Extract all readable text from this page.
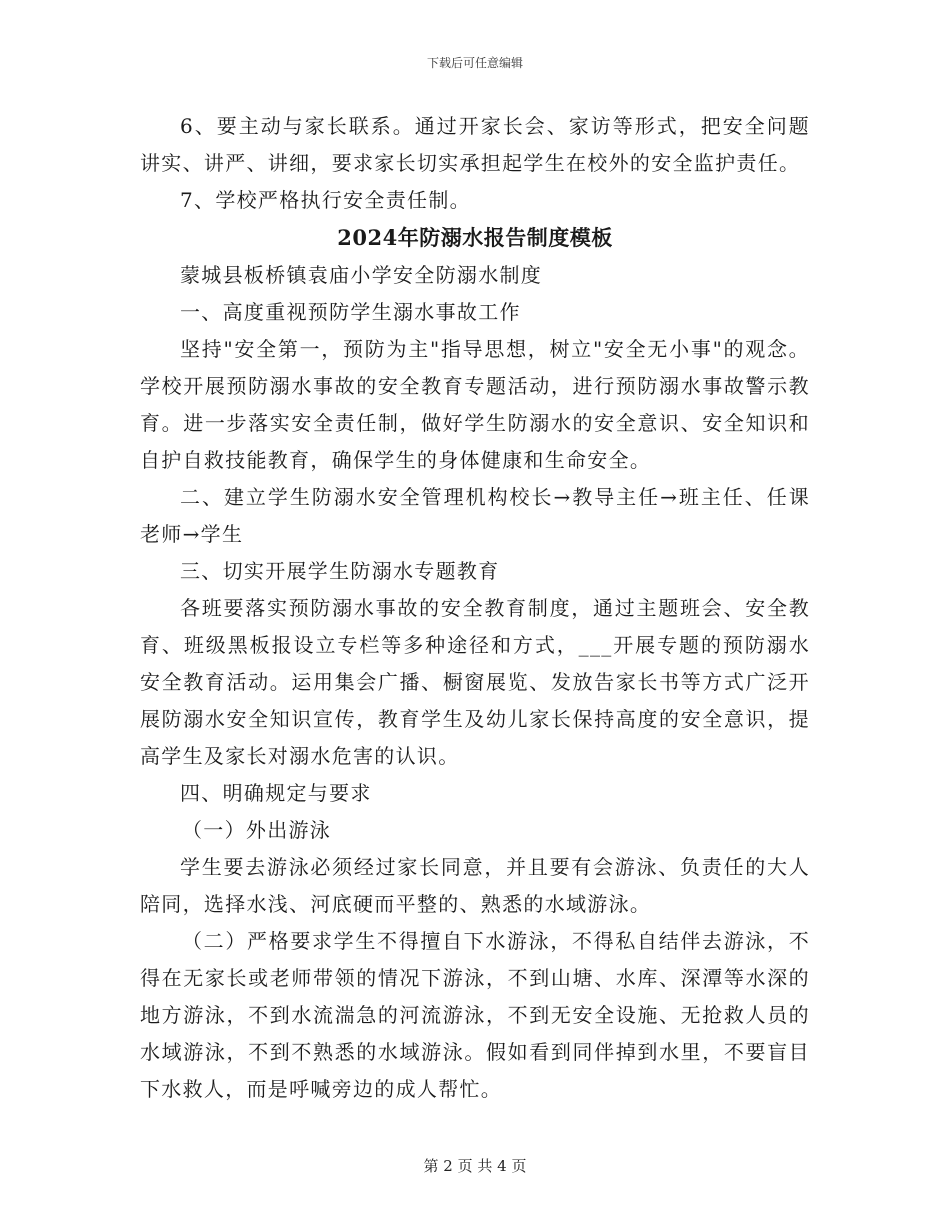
下载后可任意编辑

6、要主动与家长联系。通过开家长会、家访等形式，把安全问题讲实、讲严、讲细，要求家长切实承担起学生在校外的安全监护责任。

7、学校严格执行安全责任制。

2024年防溺水报告制度模板

蒙城县板桥镇袁庙小学安全防溺水制度

一、高度重视预防学生溺水事故工作

坚持"安全第一，预防为主"指导思想，树立"安全无小事"的观念。学校开展预防溺水事故的安全教育专题活动，进行预防溺水事故警示教育。进一步落实安全责任制，做好学生防溺水的安全意识、安全知识和自护自救技能教育，确保学生的身体健康和生命安全。

二、建立学生防溺水安全管理机构校长→教导主任→班主任、任课老师→学生

三、切实开展学生防溺水专题教育

各班要落实预防溺水事故的安全教育制度，通过主题班会、安全教育、班级黑板报设立专栏等多种途径和方式，___开展专题的预防溺水安全教育活动。运用集会广播、橱窗展览、发放告家长书等方式广泛开展防溺水安全知识宣传，教育学生及幼儿家长保持高度的安全意识，提高学生及家长对溺水危害的认识。

四、明确规定与要求

（一）外出游泳

学生要去游泳必须经过家长同意，并且要有会游泳、负责任的大人陪同，选择水浅、河底硬而平整的、熟悉的水域游泳。

（二）严格要求学生不得擅自下水游泳，不得私自结伴去游泳，不得在无家长或老师带领的情况下游泳，不到山塘、水库、深潭等水深的地方游泳，不到水流湍急的河流游泳，不到无安全设施、无抢救人员的水域游泳，不到不熟悉的水域游泳。假如看到同伴掉到水里，不要盲目下水救人，而是呼喊旁边的成人帮忙。

第 2 页 共 4 页
